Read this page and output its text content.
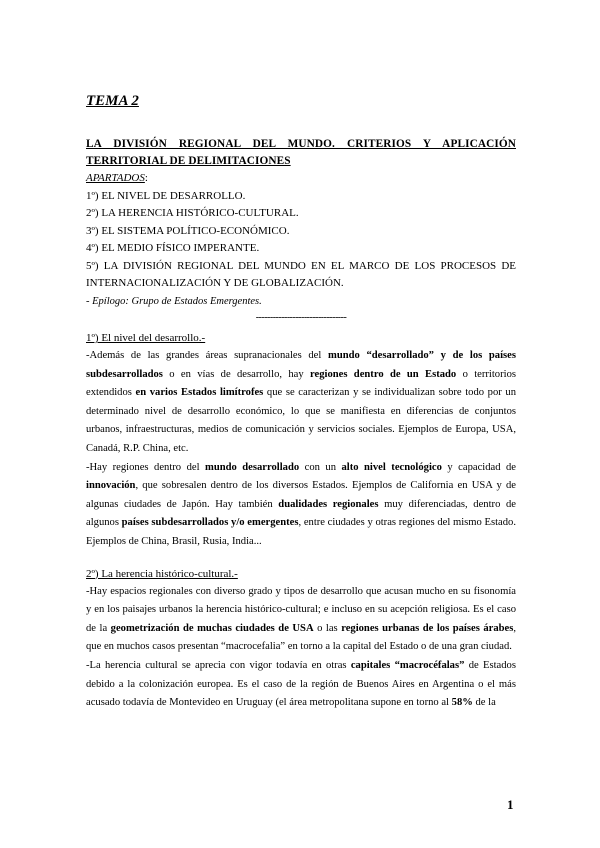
TEMA 2

LA DIVISIÓN REGIONAL DEL MUNDO. CRITERIOS Y APLICACIÓN TERRITORIAL DE DELIMITACIONES

APARTADOS:
1º) EL NIVEL DE DESARROLLO.
2º) LA HERENCIA HISTÓRICO-CULTURAL.
3º) EL SISTEMA POLÍTICO-ECONÓMICO.
4º) EL MEDIO FÍSICO IMPERANTE.
5º) LA DIVISIÓN REGIONAL DEL MUNDO EN EL MARCO DE LOS PROCESOS DE INTERNACIONALIZACIÓN Y DE GLOBALIZACIÓN.
- Epílogo: Grupo de Estados Emergentes.
--------------------------------

1º) El nivel del desarrollo.-

-Además de las grandes áreas supranacionales del mundo “desarrollado” y de los países subdesarrollados o en vías de desarrollo, hay regiones dentro de un Estado o territorios extendidos en varios Estados limítrofes que se caracterizan y se individualizan sobre todo por un determinado nivel de desarrollo económico, lo que se manifiesta en diferencias de conjuntos urbanos, infraestructuras, medios de comunicación y servicios sociales. Ejemplos de Europa, USA, Canadá, R.P. China, etc.

-Hay regiones dentro del mundo desarrollado con un alto nivel tecnológico y capacidad de innovación, que sobresalen dentro de los diversos Estados. Ejemplos de California en USA y de algunas ciudades de Japón. Hay también dualidades regionales muy diferenciadas, dentro de algunos países subdesarrollados y/o emergentes, entre ciudades y otras regiones del mismo Estado. Ejemplos de China, Brasil, Rusia, India...

2º) La herencia histórico-cultural.-

-Hay espacios regionales con diverso grado y tipos de desarrollo que acusan mucho en su fisonomía y en los paisajes urbanos la herencia histórico-cultural; e incluso en su acepción religiosa. Es el caso de la geometrización de muchas ciudades de USA o las regiones urbanas de los países árabes, que en muchos casos presentan “macrocefalia” en torno a la capital del Estado o de una gran ciudad.

-La herencia cultural se aprecia con vigor todavía en otras capitales “macrocéfalas” de Estados debido a la colonización europea. Es el caso de la región de Buenos Aires en Argentina o el más acusado todavía de Montevideo en Uruguay (el área metropolitana supone en torno al 58% de la

1
